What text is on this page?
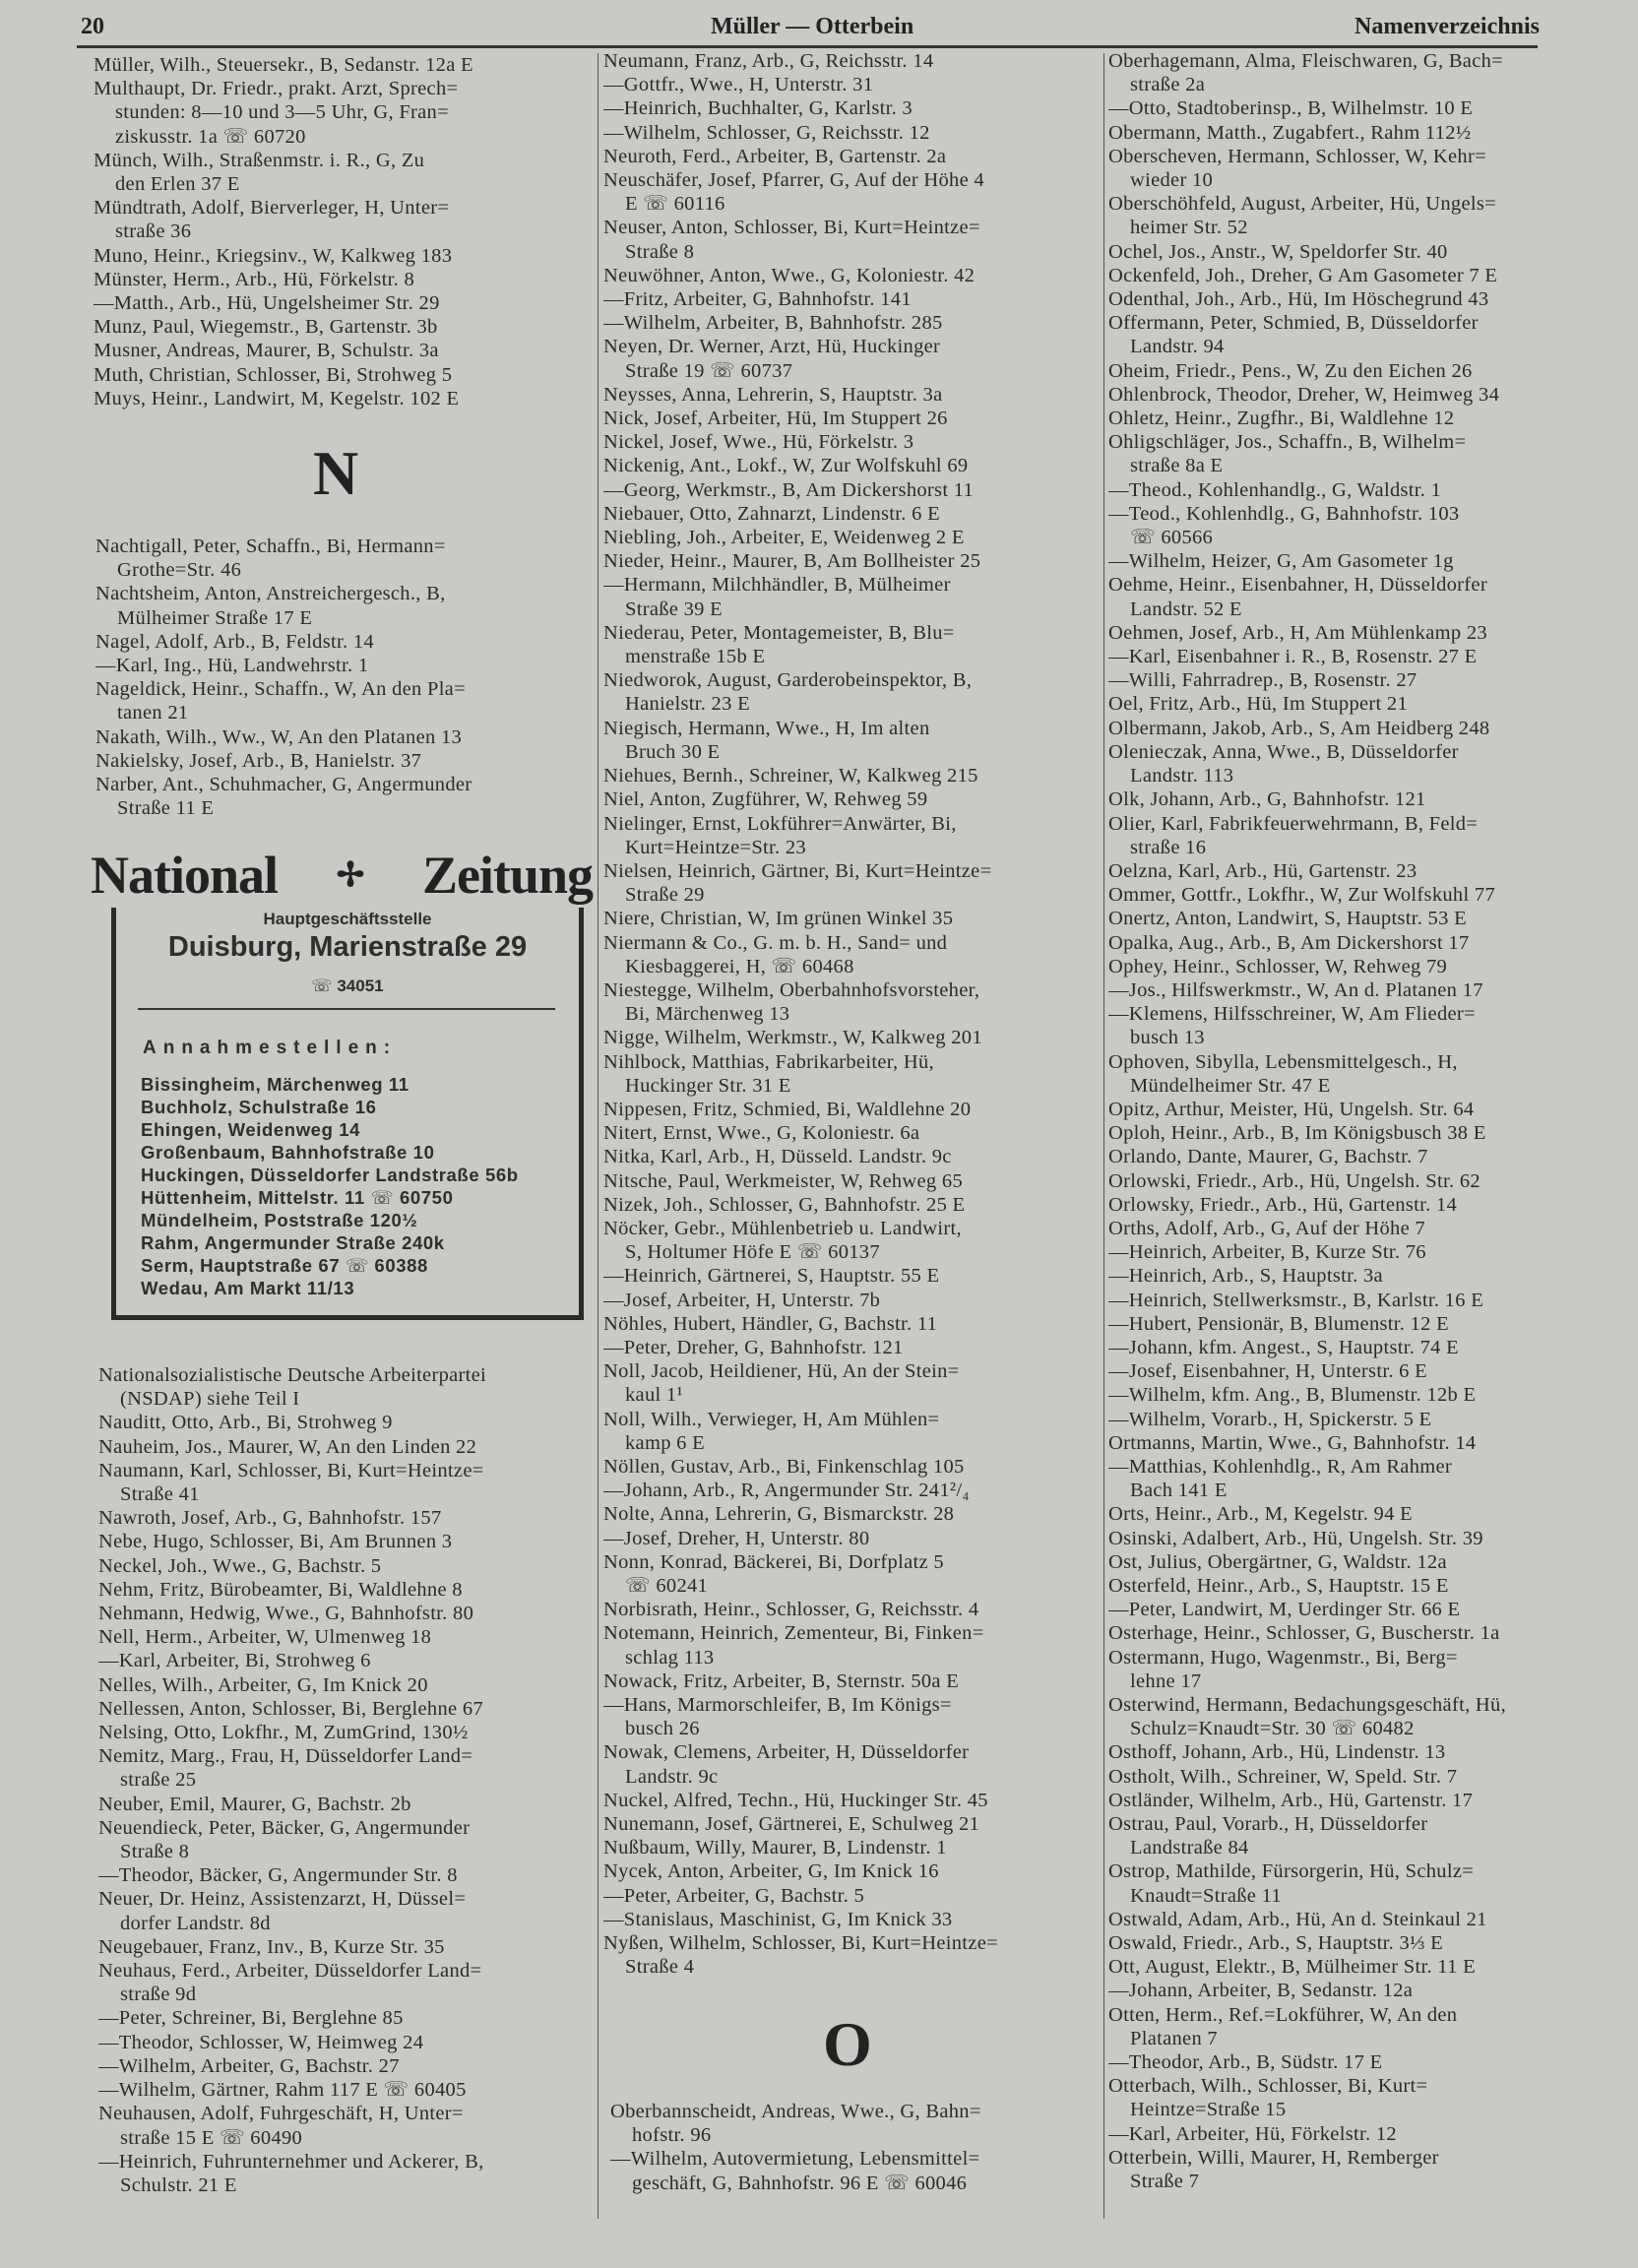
20	Müller — Otterbein	Namenverzeichnis
Müller, Wilh., Steuersekr., B, Sedanstr. 12a E
Multhaupt, Dr. Friedr., prakt. Arzt, Sprech=
stunden: 8—10 und 3—5 Uhr, G, Fran=
ziskusstr. 1a ☏ 60720
Münch, Wilh., Straßenmstr. i. R., G, Zu
den Erlen 37 E
Mündtrath, Adolf, Bierverleger, H, Unter=
straße 36
Muno, Heinr., Kriegsinv., W, Kalkweg 183
Münster, Herm., Arb., Hü, Förkelstr. 8
—Matth., Arb., Hü, Ungelsheimer Str. 29
Munz, Paul, Wiegemstr., B, Gartenstr. 3b
Musner, Andreas, Maurer, B, Schulstr. 3a
Muth, Christian, Schlosser, Bi, Strohweg 5
Muys, Heinr., Landwirt, M, Kegelstr. 102 E
N
Nachtigall, Peter, Schaffn., Bi, Hermann=
Grothe=Str. 46
Nachtsheim, Anton, Anstreichergesch., B,
Mülheimer Straße 17 E
Nagel, Adolf, Arb., B, Feldstr. 14
—Karl, Ing., Hü, Landwehrstr. 1
Nageldick, Heinr., Schaffn., W, An den Pla=
tanen 21
Nakath, Wilh., Ww., W, An den Platanen 13
Nakielsky, Josef, Arb., B, Hanielstr. 37
Narber, Ant., Schuhmacher, G, Angermunder
Straße 11 E
National ✢ Zeitung
Hauptgeschäftsstelle
Duisburg, Marienstraße 29
☏ 34051
Annahmestellen:
Bissingheim, Märchenweg 11
Buchholz, Schulstraße 16
Ehingen, Weidenweg 14
Großenbaum, Bahnhofstraße 10
Huckingen, Düsseldorfer Landstraße 56b
Hüttenheim, Mittelstr. 11 ☏ 60750
Mündelheim, Poststraße 120½
Rahm, Angermunder Straße 240k
Serm, Hauptstraße 67 ☏ 60388
Wedau, Am Markt 11/13
Nationalsozialistische Deutsche Arbeiterpartei
(NSDAP) siehe Teil I
Nauditt, Otto, Arb., Bi, Strohweg 9
Nauheim, Jos., Maurer, W, An den Linden 22
Naumann, Karl, Schlosser, Bi, Kurt=Heintze=
Straße 41
Nawroth, Josef, Arb., G, Bahnhofstr. 157
Nebe, Hugo, Schlosser, Bi, Am Brunnen 3
Neckel, Joh., Wwe., G, Bachstr. 5
Nehm, Fritz, Bürobeamter, Bi, Waldlehne 8
Nehmann, Hedwig, Wwe., G, Bahnhofstr. 80
Nell, Herm., Arbeiter, W, Ulmenweg 18
—Karl, Arbeiter, Bi, Strohweg 6
Nelles, Wilh., Arbeiter, G, Im Knick 20
Nellessen, Anton, Schlosser, Bi, Berglehne 67
Nelsing, Otto, Lokfhr., M, ZumGrind, 130½
Nemitz, Marg., Frau, H, Düsseldorfer Land=
straße 25
Neuber, Emil, Maurer, G, Bachstr. 2b
Neuendieck, Peter, Bäcker, G, Angermunder
Straße 8
—Theodor, Bäcker, G, Angermunder Str. 8
Neuer, Dr. Heinz, Assistenzarzt, H, Düssel=
dorfer Landstr. 8d
Neugebauer, Franz, Inv., B, Kurze Str. 35
Neuhaus, Ferd., Arbeiter, Düsseldorfer Land=
straße 9d
—Peter, Schreiner, Bi, Berglehne 85
—Theodor, Schlosser, W, Heimweg 24
—Wilhelm, Arbeiter, G, Bachstr. 27
—Wilhelm, Gärtner, Rahm 117 E ☏ 60405
Neuhausen, Adolf, Fuhrgeschäft, H, Unter=
straße 15 E ☏ 60490
—Heinrich, Fuhrunternehmer und Ackerer, B,
Schulstr. 21 E
Neumann, Franz, Arb., G, Reichsstr. 14
—Gottfr., Wwe., H, Unterstr. 31
—Heinrich, Buchhalter, G, Karlstr. 3
—Wilhelm, Schlosser, G, Reichsstr. 12
Neuroth, Ferd., Arbeiter, B, Gartenstr. 2a
Neuschäfer, Josef, Pfarrer, G, Auf der Höhe 4
E ☏ 60116
Neuser, Anton, Schlosser, Bi, Kurt=Heintze=
Straße 8
Neuwöhner, Anton, Wwe., G, Koloniestr. 42
—Fritz, Arbeiter, G, Bahnhofstr. 141
—Wilhelm, Arbeiter, B, Bahnhofstr. 285
Neyen, Dr. Werner, Arzt, Hü, Huckinger
Straße 19 ☏ 60737
Neysses, Anna, Lehrerin, S, Hauptstr. 3a
Nick, Josef, Arbeiter, Hü, Im Stuppert 26
Nickel, Josef, Wwe., Hü, Förkelstr. 3
Nickenig, Ant., Lokf., W, Zur Wolfskuhl 69
—Georg, Werkmstr., B, Am Dickershorst 11
Niebauer, Otto, Zahnarzt, Lindenstr. 6 E
Niebling, Joh., Arbeiter, E, Weidenweg 2 E
Nieder, Heinr., Maurer, B, Am Bollheister 25
—Hermann, Milchhändler, B, Mülheimer
Straße 39 E
Niederau, Peter, Montagemeister, B, Blu=
menstraße 15b E
Niedworok, August, Garderobeinspektor, B,
Hanielstr. 23 E
Niegisch, Hermann, Wwe., H, Im alten
Bruch 30 E
Niehues, Bernh., Schreiner, W, Kalkweg 215
Niel, Anton, Zugführer, W, Rehweg 59
Nielinger, Ernst, Lokführer=Anwärter, Bi,
Kurt=Heintze=Str. 23
Nielsen, Heinrich, Gärtner, Bi, Kurt=Heintze=
Straße 29
Niere, Christian, W, Im grünen Winkel 35
Niermann & Co., G. m. b. H., Sand= und
Kiesbaggerei, H, ☏ 60468
Niestegge, Wilhelm, Oberbahnhofsvorsteher,
Bi, Märchenweg 13
Nigge, Wilhelm, Werkmstr., W, Kalkweg 201
Nihlbock, Matthias, Fabrikarbeiter, Hü,
Huckinger Str. 31 E
Nippesen, Fritz, Schmied, Bi, Waldlehne 20
Nitert, Ernst, Wwe., G, Koloniestr. 6a
Nitka, Karl, Arb., H, Düsseld. Landstr. 9c
Nitsche, Paul, Werkmeister, W, Rehweg 65
Nizek, Joh., Schlosser, G, Bahnhofstr. 25 E
Nöcker, Gebr., Mühlenbetrieb u. Landwirt,
S, Holtumer Höfe E ☏ 60137
—Heinrich, Gärtnerei, S, Hauptstr. 55 E
—Josef, Arbeiter, H, Unterstr. 7b
Nöhles, Hubert, Händler, G, Bachstr. 11
—Peter, Dreher, G, Bahnhofstr. 121
Noll, Jacob, Heildiener, Hü, An der Stein=
kaul 1¹
Noll, Wilh., Verwieger, H, Am Mühlen=
kamp 6 E
Nöllen, Gustav, Arb., Bi, Finkenschlag 105
—Johann, Arb., R, Angermunder Str. 241²/₄
Nolte, Anna, Lehrerin, G, Bismarckstr. 28
—Josef, Dreher, H, Unterstr. 80
Nonn, Konrad, Bäckerei, Bi, Dorfplatz 5
☏ 60241
Norbisrath, Heinr., Schlosser, G, Reichsstr. 4
Notemann, Heinrich, Zementeur, Bi, Finken=
schlag 113
Nowack, Fritz, Arbeiter, B, Sternstr. 50a E
—Hans, Marmorschleifer, B, Im Königs=
busch 26
Nowak, Clemens, Arbeiter, H, Düsseldorfer
Landstr. 9c
Nuckel, Alfred, Techn., Hü, Huckinger Str. 45
Nunemann, Josef, Gärtnerei, E, Schulweg 21
Nußbaum, Willy, Maurer, B, Lindenstr. 1
Nycek, Anton, Arbeiter, G, Im Knick 16
—Peter, Arbeiter, G, Bachstr. 5
—Stanislaus, Maschinist, G, Im Knick 33
Nyßen, Wilhelm, Schlosser, Bi, Kurt=Heintze=
Straße 4
O
Oberbannscheidt, Andreas, Wwe., G, Bahn=
hofstr. 96
—Wilhelm, Autovermietung, Lebensmittel=
geschäft, G, Bahnhofstr. 96 E ☏ 60046
Oberhagemann, Alma, Fleischwaren, G, Bach=
straße 2a
—Otto, Stadtoberinsp., B, Wilhelmstr. 10 E
Obermann, Matth., Zugabfert., Rahm 112½
Oberscheven, Hermann, Schlosser, W, Kehr=
wieder 10
Oberschöhfeld, August, Arbeiter, Hü, Ungels=
heimer Str. 52
Ochel, Jos., Anstr., W, Speldorfer Str. 40
Ockenfeld, Joh., Dreher, G Am Gasometer 7 E
Odenthal, Joh., Arb., Hü, Im Höschegrund 43
Offermann, Peter, Schmied, B, Düsseldorfer
Landstr. 94
Oheim, Friedr., Pens., W, Zu den Eichen 26
Ohlenbrock, Theodor, Dreher, W, Heimweg 34
Ohletz, Heinr., Zugfhr., Bi, Waldlehne 12
Ohligschläger, Jos., Schaffn., B, Wilhelm=
straße 8a E
—Theod., Kohlenhandlg., G, Waldstr. 1
—Teod., Kohlenhdlg., G, Bahnhofstr. 103
☏ 60566
—Wilhelm, Heizer, G, Am Gasometer 1g
Oehme, Heinr., Eisenbahner, H, Düsseldorfer
Landstr. 52 E
Oehmen, Josef, Arb., H, Am Mühlenkamp 23
—Karl, Eisenbahner i. R., B, Rosenstr. 27 E
—Willi, Fahrradrep., B, Rosenstr. 27
Oel, Fritz, Arb., Hü, Im Stuppert 21
Olbermann, Jakob, Arb., S, Am Heidberg 248
Olenieczak, Anna, Wwe., B, Düsseldorfer
Landstr. 113
Olk, Johann, Arb., G, Bahnhofstr. 121
Olier, Karl, Fabrikfeuerwehrmann, B, Feld=
straße 16
Oelzna, Karl, Arb., Hü, Gartenstr. 23
Ommer, Gottfr., Lokfhr., W, Zur Wolfskuhl 77
Onertz, Anton, Landwirt, S, Hauptstr. 53 E
Opalka, Aug., Arb., B, Am Dickershorst 17
Ophey, Heinr., Schlosser, W, Rehweg 79
—Jos., Hilfswerkmstr., W, An d. Platanen 17
—Klemens, Hilfsschreiner, W, Am Flieder=
busch 13
Ophoven, Sibylla, Lebensmittelgesch., H,
Mündelheimer Str. 47 E
Opitz, Arthur, Meister, Hü, Ungelsh. Str. 64
Oploh, Heinr., Arb., B, Im Königsbusch 38 E
Orlando, Dante, Maurer, G, Bachstr. 7
Orlowski, Friedr., Arb., Hü, Ungelsh. Str. 62
Orlowsky, Friedr., Arb., Hü, Gartenstr. 14
Orths, Adolf, Arb., G, Auf der Höhe 7
—Heinrich, Arbeiter, B, Kurze Str. 76
—Heinrich, Arb., S, Hauptstr. 3a
—Heinrich, Stellwerksmstr., B, Karlstr. 16 E
—Hubert, Pensionär, B, Blumenstr. 12 E
—Johann, kfm. Angest., S, Hauptstr. 74 E
—Josef, Eisenbahner, H, Unterstr. 6 E
—Wilhelm, kfm. Ang., B, Blumenstr. 12b E
—Wilhelm, Vorarb., H, Spickerstr. 5 E
Ortmanns, Martin, Wwe., G, Bahnhofstr. 14
—Matthias, Kohlenhdlg., R, Am Rahmer
Bach 141 E
Orts, Heinr., Arb., M, Kegelstr. 94 E
Osinski, Adalbert, Arb., Hü, Ungelsh. Str. 39
Ost, Julius, Obergärtner, G, Waldstr. 12a
Osterfeld, Heinr., Arb., S, Hauptstr. 15 E
—Peter, Landwirt, M, Uerdinger Str. 66 E
Osterhage, Heinr., Schlosser, G, Buscherstr. 1a
Ostermann, Hugo, Wagenmstr., Bi, Berg=
lehne 17
Osterwind, Hermann, Bedachungsgeschäft, Hü,
Schulz=Knaudt=Str. 30 ☏ 60482
Osthoff, Johann, Arb., Hü, Lindenstr. 13
Ostholt, Wilh., Schreiner, W, Speld. Str. 7
Ostländer, Wilhelm, Arb., Hü, Gartenstr. 17
Ostrau, Paul, Vorarb., H, Düsseldorfer
Landstraße 84
Ostrop, Mathilde, Fürsorgerin, Hü, Schulz=
Knaudt=Straße 11
Ostwald, Adam, Arb., Hü, An d. Steinkaul 21
Oswald, Friedr., Arb., S, Hauptstr. 3⅓ E
Ott, August, Elektr., B, Mülheimer Str. 11 E
—Johann, Arbeiter, B, Sedanstr. 12a
Otten, Herm., Ref.=Lokführer, W, An den
Platanen 7
—Theodor, Arb., B, Südstr. 17 E
Otterbach, Wilh., Schlosser, Bi, Kurt=
Heintze=Straße 15
—Karl, Arbeiter, Hü, Förkelstr. 12
Otterbein, Willi, Maurer, H, Remberger
Straße 7
